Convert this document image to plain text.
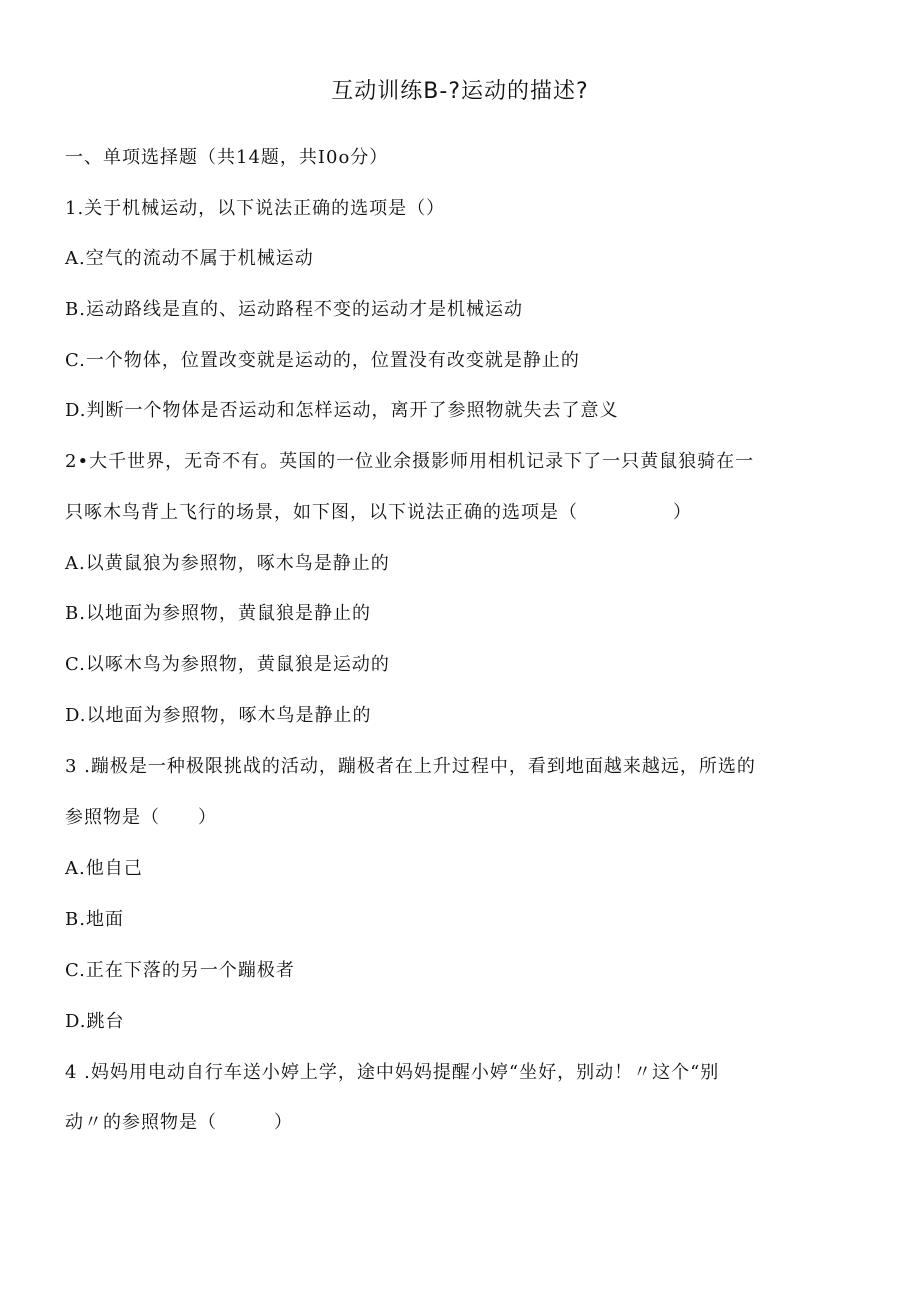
互动训练B-?运动的描述?
一、单项选择题（共14题，共I0o分）
1.关于机械运动，以下说法正确的选项是（）
A.空气的流动不属于机械运动
B.运动路线是直的、运动路程不变的运动才是机械运动
C.一个物体，位置改变就是运动的，位置没有改变就是静止的
D.判断一个物体是否运动和怎样运动，离开了参照物就失去了意义
2•大千世界，无奇不有。英国的一位业余摄影师用相机记录下了一只黄鼠狼骑在一
只啄木鸟背上飞行的场景，如下图，以下说法正确的选项是（　　　　　）
A.以黄鼠狼为参照物，啄木鸟是静止的
B.以地面为参照物，黄鼠狼是静止的
C.以啄木鸟为参照物，黄鼠狼是运动的
D.以地面为参照物，啄木鸟是静止的
3 .蹦极是一种极限挑战的活动，蹦极者在上升过程中，看到地面越来越远，所选的
参照物是（　　）
A.他自己
B.地面
C.正在下落的另一个蹦极者
D.跳台
4 .妈妈用电动自行车送小婷上学，途中妈妈提醒小婷“坐好，别动！〃这个“别
动〃的参照物是（　　　）
